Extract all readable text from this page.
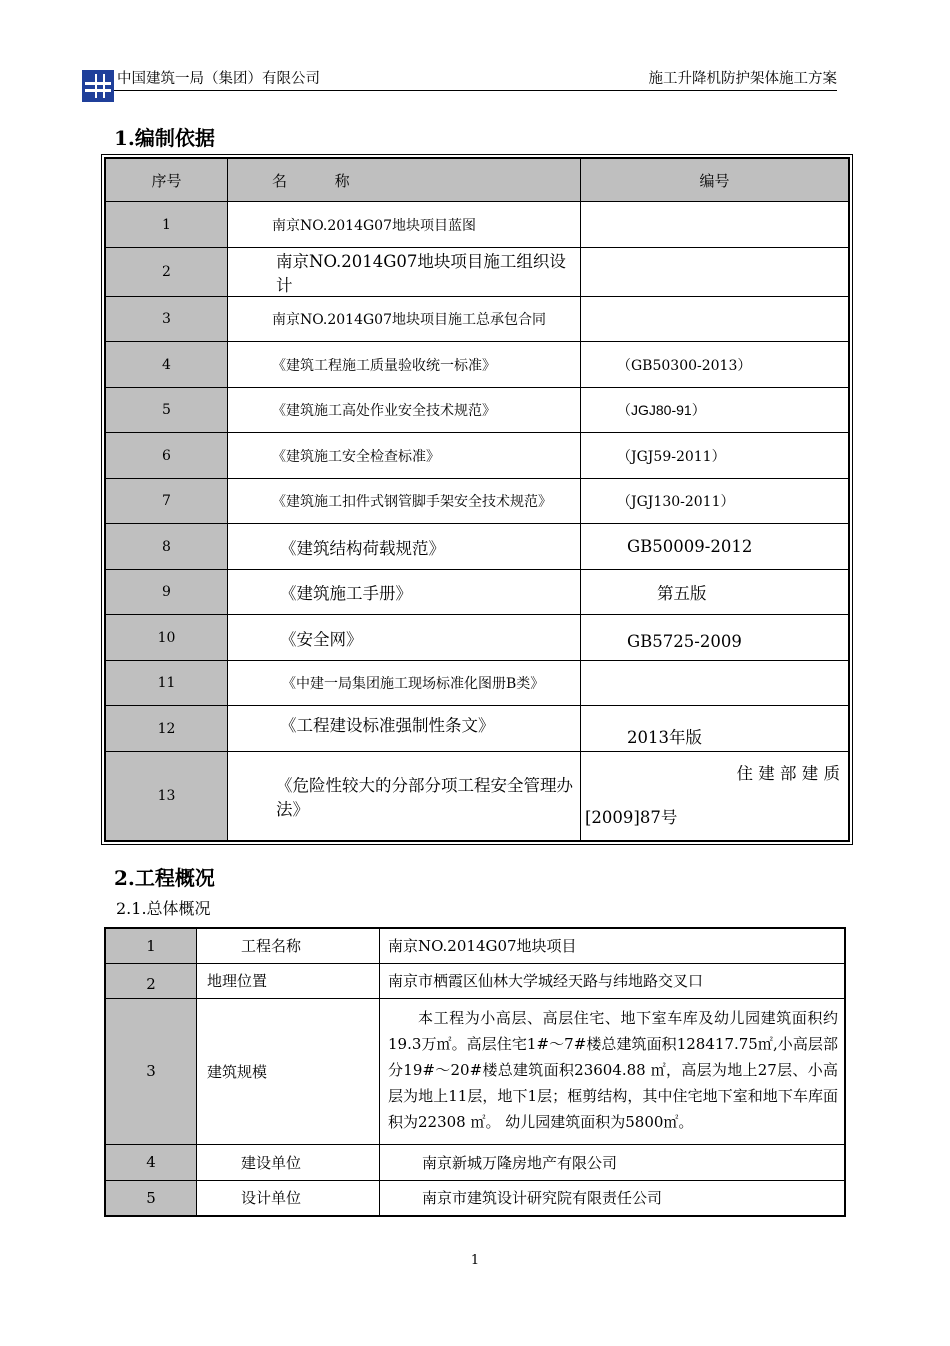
中国建筑一局（集团）有限公司	施工升降机防护架体施工方案
1.编制依据
序号	名          称	编号
1	南京NO.2014G07地块项目蓝图	
2	南京NO.2014G07地块项目施工组织设计	
3	南京NO.2014G07地块项目施工总承包合同	
4	《建筑工程施工质量验收统一标准》	（GB50300-2013）
5	《建筑施工高处作业安全技术规范》	（JGJ80-91）
6	《建筑施工安全检查标准》	（JGJ59-2011）
7	《建筑施工扣件式钢管脚手架安全技术规范》	（JGJ130-2011）
8	《建筑结构荷载规范》	GB50009-2012
9	《建筑施工手册》	第五版
10	《安全网》	GB5725-2009
11	《中建一局集团施工现场标准化图册B类》	
12	《工程建设标准强制性条文》	2013年版
13	《危险性较大的分部分项工程安全管理办法》	住 建 部 建 质
[2009]87号
2.工程概况
2.1.总体概况
1	工程名称	南京NO.2014G07地块项目
2	地理位置	南京市栖霞区仙林大学城经天路与纬地路交叉口
3	建筑规模	本工程为小高层、高层住宅、地下室车库及幼儿园建筑面积约19.3万㎡。高层住宅1#～7#楼总建筑面积128417.75㎡,小高层部分19#～20#楼总建筑面积23604.88 ㎡，高层为地上27层、小高层为地上11层，地下1层；框剪结构，其中住宅地下室和地下车库面积为22308 ㎡。 幼儿园建筑面积为5800㎡。
4	建设单位	南京新城万隆房地产有限公司
5	设计单位	南京市建筑设计研究院有限责任公司
1
